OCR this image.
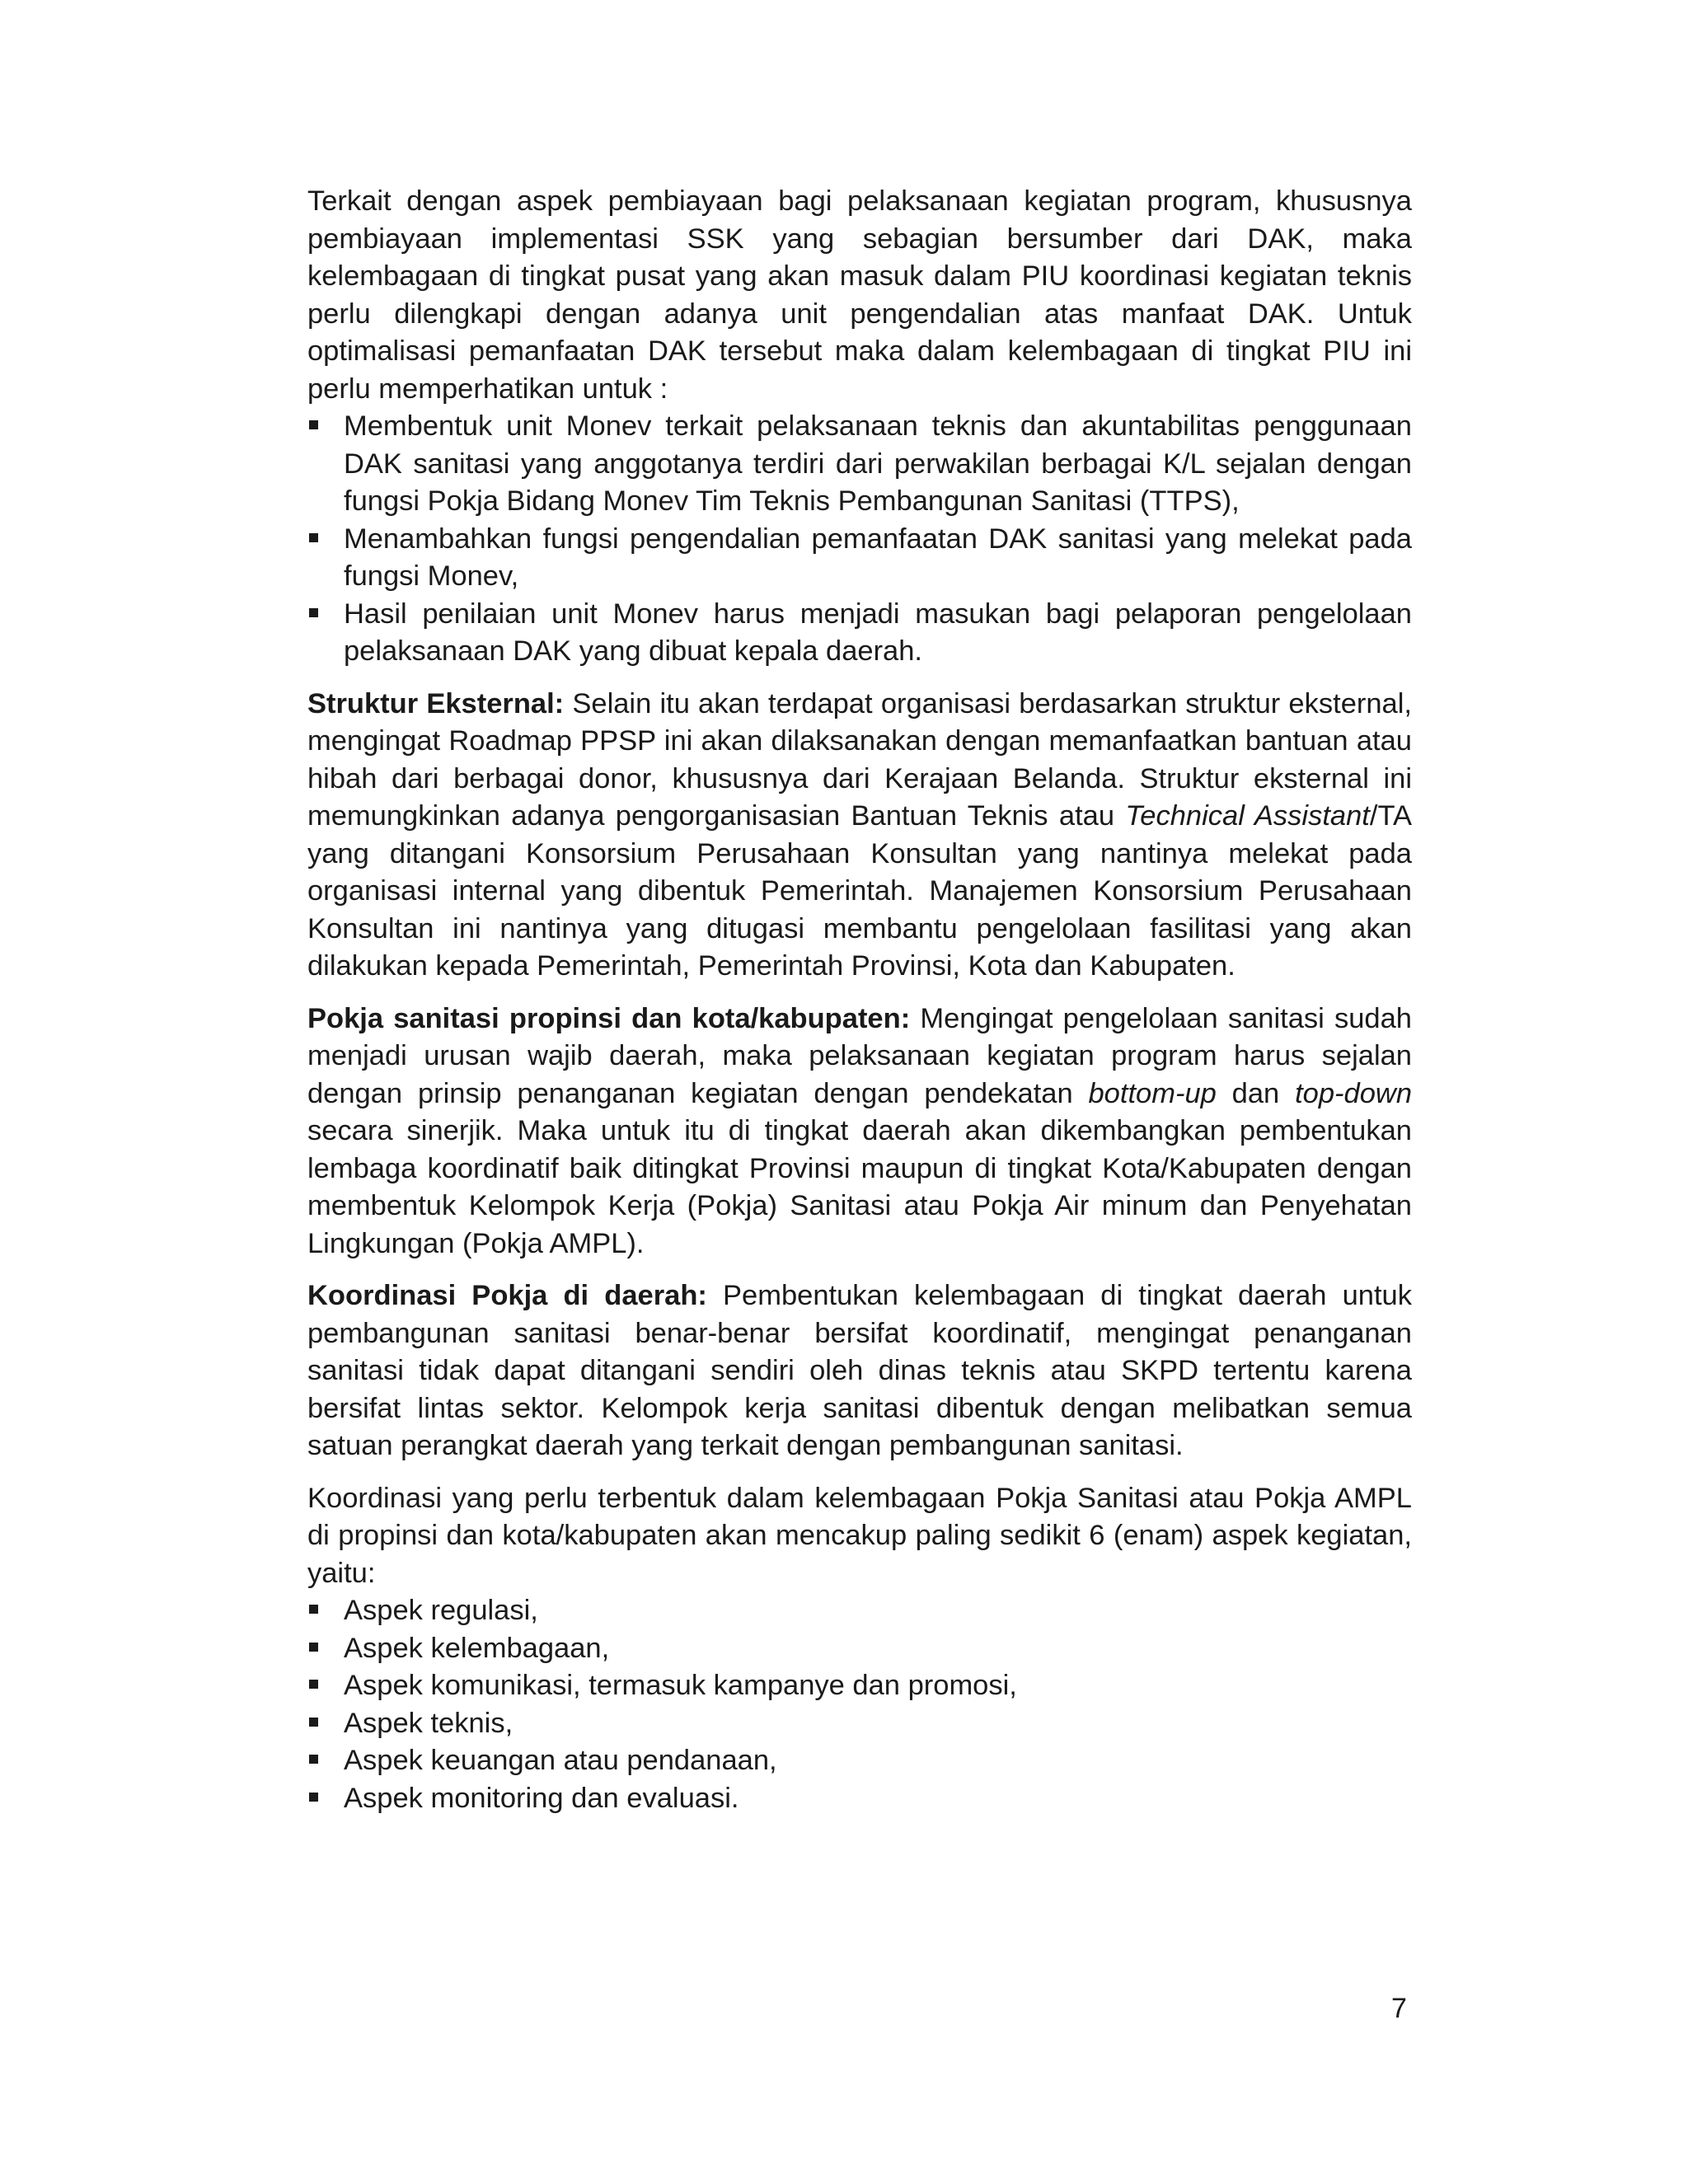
Terkait dengan aspek pembiayaan bagi pelaksanaan kegiatan program, khususnya pembiayaan implementasi SSK yang sebagian bersumber dari DAK, maka kelembagaan di tingkat pusat yang akan masuk dalam PIU koordinasi kegiatan teknis perlu dilengkapi dengan adanya unit pengendalian atas manfaat DAK. Untuk optimalisasi pemanfaatan DAK tersebut maka dalam kelembagaan di tingkat PIU ini perlu memperhatikan untuk :

Membentuk unit Monev terkait pelaksanaan teknis dan akuntabilitas penggunaan DAK sanitasi yang anggotanya terdiri dari perwakilan berbagai K/L sejalan dengan fungsi Pokja Bidang Monev Tim Teknis Pembangunan Sanitasi (TTPS),
Menambahkan fungsi pengendalian pemanfaatan DAK sanitasi yang melekat pada fungsi Monev,
Hasil penilaian unit Monev harus menjadi masukan bagi pelaporan pengelolaan pelaksanaan DAK yang dibuat kepala daerah.

Struktur Eksternal: Selain itu akan terdapat organisasi berdasarkan struktur eksternal, mengingat Roadmap PPSP ini akan dilaksanakan dengan memanfaatkan bantuan atau hibah dari berbagai donor, khususnya dari Kerajaan Belanda. Struktur eksternal ini memungkinkan adanya pengorganisasian Bantuan Teknis atau Technical Assistant/TA yang ditangani Konsorsium Perusahaan Konsultan yang nantinya melekat pada organisasi internal yang dibentuk Pemerintah. Manajemen Konsorsium Perusahaan Konsultan ini nantinya yang ditugasi membantu pengelolaan fasilitasi yang akan dilakukan kepada Pemerintah, Pemerintah Provinsi, Kota dan Kabupaten.

Pokja sanitasi propinsi dan kota/kabupaten: Mengingat pengelolaan sanitasi sudah menjadi urusan wajib daerah, maka pelaksanaan kegiatan program harus sejalan dengan prinsip penanganan kegiatan dengan pendekatan bottom-up dan top-down secara sinerjik. Maka untuk itu di tingkat daerah akan dikembangkan pembentukan lembaga koordinatif baik ditingkat Provinsi maupun di tingkat Kota/Kabupaten dengan membentuk Kelompok Kerja (Pokja) Sanitasi atau Pokja Air minum dan Penyehatan Lingkungan (Pokja AMPL).

Koordinasi Pokja di daerah: Pembentukan kelembagaan di tingkat daerah untuk pembangunan sanitasi benar-benar bersifat koordinatif, mengingat penanganan sanitasi tidak dapat ditangani sendiri oleh dinas teknis atau SKPD tertentu karena bersifat lintas sektor. Kelompok kerja sanitasi dibentuk dengan melibatkan semua satuan perangkat daerah yang terkait dengan pembangunan sanitasi.

Koordinasi yang perlu terbentuk dalam kelembagaan Pokja Sanitasi atau Pokja AMPL di propinsi dan kota/kabupaten akan mencakup paling sedikit 6 (enam) aspek kegiatan, yaitu:

Aspek regulasi,
Aspek kelembagaan,
Aspek komunikasi, termasuk kampanye dan promosi,
Aspek teknis,
Aspek keuangan atau pendanaan,
Aspek monitoring dan evaluasi.
7
